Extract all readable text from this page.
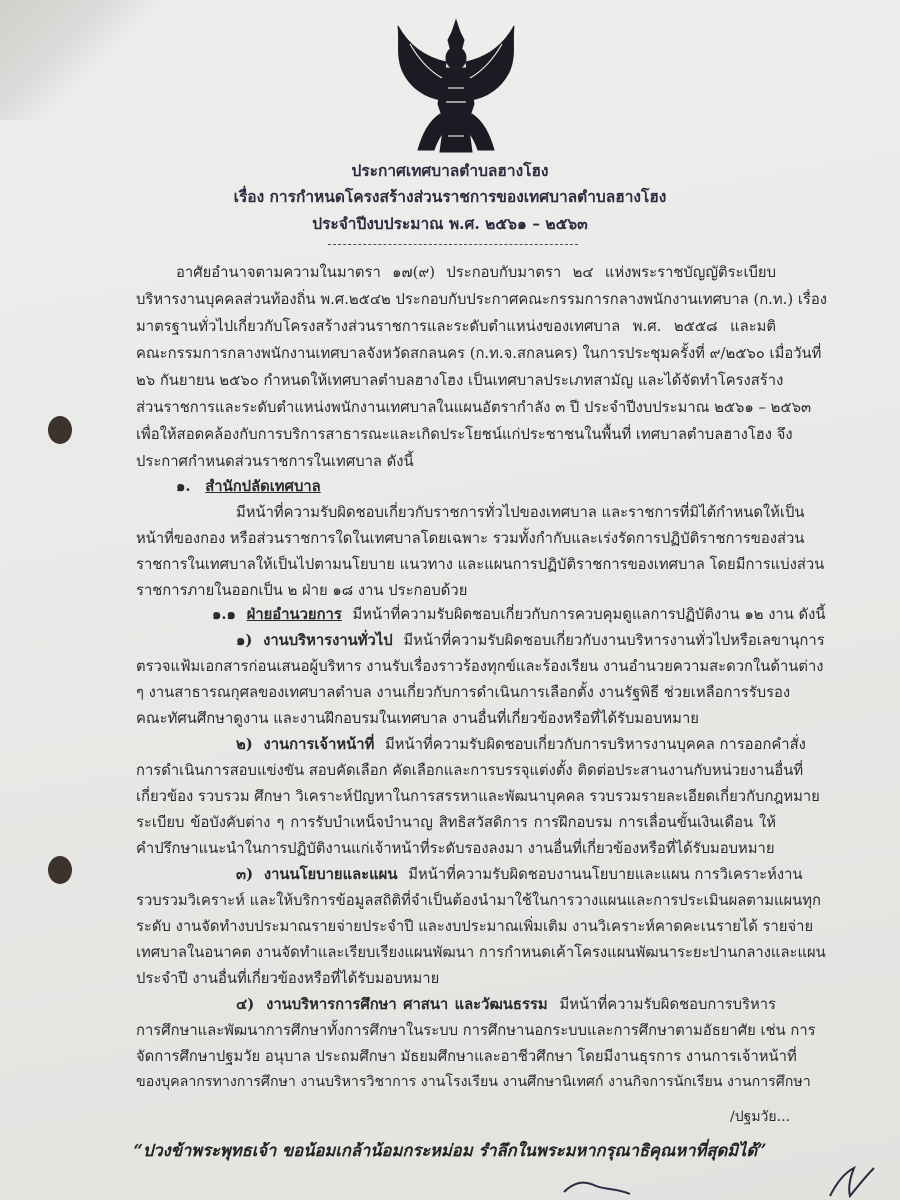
ประกาศเทศบาลตำบลฮางโฮง
เรื่อง การกำหนดโครงสร้างส่วนราชการของเทศบาลตำบลฮางโฮง
ประจำปีงบประมาณ พ.ศ. ๒๕๖๑ – ๒๕๖๓
อาศัยอำนาจตามความในมาตรา ๑๗(๙) ประกอบกับมาตรา ๒๔ แห่งพระราชบัญญัติระเบียบ
บริหารงานบุคคลส่วนท้องถิ่น พ.ศ.๒๕๔๒ ประกอบกับประกาศคณะกรรมการกลางพนักงานเทศบาล (ก.ท.) เรื่อง
มาตรฐานทั่วไปเกี่ยวกับโครงสร้างส่วนราชการและระดับตำแหน่งของเทศบาล พ.ศ. ๒๕๕๘ และมติ
คณะกรรมการกลางพนักงานเทศบาลจังหวัดสกลนคร (ก.ท.จ.สกลนคร) ในการประชุมครั้งที่ ๙/๒๕๖๐ เมื่อวันที่
๒๖ กันยายน ๒๕๖๐ กำหนดให้เทศบาลตำบลฮางโฮง เป็นเทศบาลประเภทสามัญ และได้จัดทำโครงสร้าง
ส่วนราชการและระดับตำแหน่งพนักงานเทศบาลในแผนอัตรากำลัง ๓ ปี ประจำปีงบประมาณ ๒๕๖๑ – ๒๕๖๓
เพื่อให้สอดคล้องกับการบริการสาธารณะและเกิดประโยชน์แก่ประชาชนในพื้นที่ เทศบาลตำบลฮางโฮง จึง
ประกาศกำหนดส่วนราชการในเทศบาล ดังนี้
๑. สำนักปลัดเทศบาล
มีหน้าที่ความรับผิดชอบเกี่ยวกับราชการทั่วไปของเทศบาล และราชการที่มิได้กำหนดให้เป็น
หน้าที่ของกอง หรือส่วนราชการใดในเทศบาลโดยเฉพาะ รวมทั้งกำกับและเร่งรัดการปฏิบัติราชการของส่วน
ราชการในเทศบาลให้เป็นไปตามนโยบาย แนวทาง และแผนการปฏิบัติราชการของเทศบาล โดยมีการแบ่งส่วน
ราชการภายในออกเป็น ๒ ฝ่าย ๑๘ งาน ประกอบด้วย
๑.๑ ฝ่ายอำนวยการ มีหน้าที่ความรับผิดชอบเกี่ยวกับการควบคุมดูแลการปฏิบัติงาน ๑๒ งาน ดังนี้
๑) งานบริหารงานทั่วไป มีหน้าที่ความรับผิดชอบเกี่ยวกับงานบริหารงานทั่วไปหรือเลขานุการ
ตรวจแฟ้มเอกสารก่อนเสนอผู้บริหาร งานรับเรื่องราวร้องทุกข์และร้องเรียน งานอำนวยความสะดวกในด้านต่าง
ๆ งานสาธารณกุศลของเทศบาลตำบล งานเกี่ยวกับการดำเนินการเลือกตั้ง งานรัฐพิธี ช่วยเหลือการรับรอง
คณะทัศนศึกษาดูงาน และงานฝึกอบรมในเทศบาล งานอื่นที่เกี่ยวข้องหรือที่ได้รับมอบหมาย
๒) งานการเจ้าหน้าที่ มีหน้าที่ความรับผิดชอบเกี่ยวกับการบริหารงานบุคคล การออกคำสั่ง
การดำเนินการสอบแข่งขัน สอบคัดเลือก คัดเลือกและการบรรจุแต่งตั้ง ติดต่อประสานงานกับหน่วยงานอื่นที่
เกี่ยวข้อง รวบรวม ศึกษา วิเคราะห์ปัญหาในการสรรหาและพัฒนาบุคคล รวบรวมรายละเอียดเกี่ยวกับกฎหมาย
ระเบียบ ข้อบังคับต่าง ๆ การรับบำเหน็จบำนาญ สิทธิสวัสดิการ การฝึกอบรม การเลื่อนขั้นเงินเดือน ให้
คำปรึกษาแนะนำในการปฏิบัติงานแก่เจ้าหน้าที่ระดับรองลงมา งานอื่นที่เกี่ยวข้องหรือที่ได้รับมอบหมาย
๓) งานนโยบายและแผน มีหน้าที่ความรับผิดชอบงานนโยบายและแผน การวิเคราะห์งาน
รวบรวมวิเคราะห์ และให้บริการข้อมูลสถิติที่จำเป็นต้องนำมาใช้ในการวางแผนและการประเมินผลตามแผนทุก
ระดับ งานจัดทำงบประมาณรายจ่ายประจำปี และงบประมาณเพิ่มเติม งานวิเคราะห์คาดคะเนรายได้ รายจ่าย
เทศบาลในอนาคต งานจัดทำและเรียบเรียงแผนพัฒนา การกำหนดเค้าโครงแผนพัฒนาระยะปานกลางและแผน
ประจำปี งานอื่นที่เกี่ยวข้องหรือที่ได้รับมอบหมาย
๔) งานบริหารการศึกษา ศาสนา และวัฒนธรรม มีหน้าที่ความรับผิดชอบการบริหาร
การศึกษาและพัฒนาการศึกษาทั้งการศึกษาในระบบ การศึกษานอกระบบและการศึกษาตามอัธยาศัย เช่น การ
จัดการศึกษาปฐมวัย อนุบาล ประถมศึกษา มัธยมศึกษาและอาชีวศึกษา โดยมีงานธุรการ งานการเจ้าหน้าที่
ของบุคลากรทางการศึกษา งานบริหารวิชาการ งานโรงเรียน งานศึกษานิเทศก์ งานกิจการนักเรียน งานการศึกษา
/ปฐมวัย...
“ปวงข้าพระพุทธเจ้า ขอน้อมเกล้าน้อมกระหม่อม รำลึกในพระมหากรุณาธิคุณหาที่สุดมิได้”
